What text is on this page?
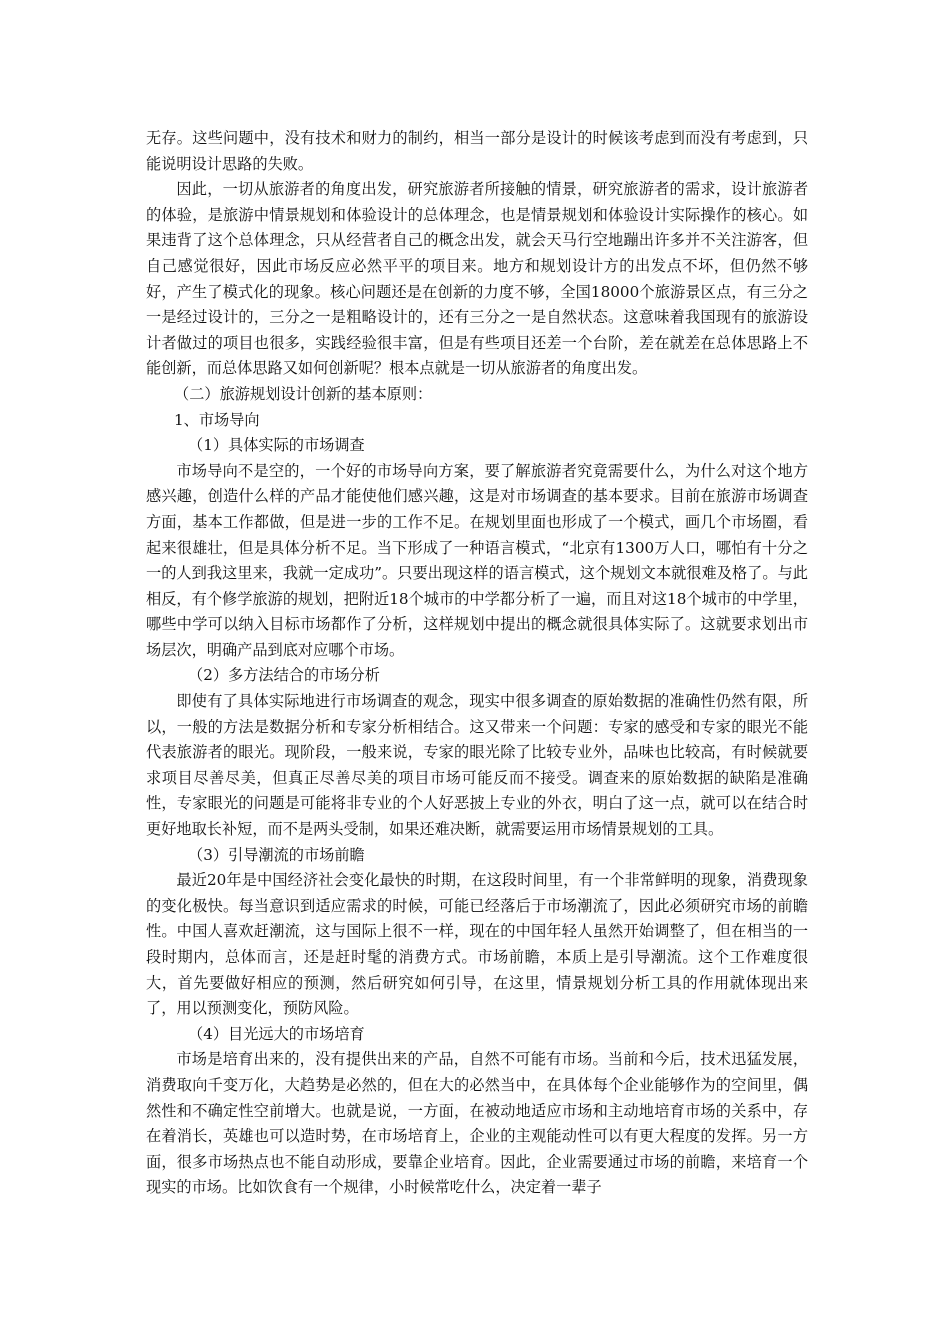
无存。这些问题中，没有技术和财力的制约，相当一部分是设计的时候该考虑到而没有考虑到，只能说明设计思路的失败。

因此，一切从旅游者的角度出发，研究旅游者所接触的情景，研究旅游者的需求，设计旅游者的体验，是旅游中情景规划和体验设计的总体理念，也是情景规划和体验设计实际操作的核心。如果违背了这个总体理念，只从经营者自己的概念出发，就会天马行空地蹦出许多并不关注游客，但自己感觉很好，因此市场反应必然平平的项目来。地方和规划设计方的出发点不坏，但仍然不够好，产生了模式化的现象。核心问题还是在创新的力度不够，全国18000个旅游景区点，有三分之一是经过设计的，三分之一是粗略设计的，还有三分之一是自然状态。这意味着我国现有的旅游设计者做过的项目也很多，实践经验很丰富，但是有些项目还差一个台阶，差在就差在总体思路上不能创新，而总体思路又如何创新呢？根本点就是一切从旅游者的角度出发。

（二）旅游规划设计创新的基本原则：

1、市场导向

（1）具体实际的市场调查

市场导向不是空的，一个好的市场导向方案，要了解旅游者究竟需要什么，为什么对这个地方感兴趣，创造什么样的产品才能使他们感兴趣，这是对市场调查的基本要求。目前在旅游市场调查方面，基本工作都做，但是进一步的工作不足。在规划里面也形成了一个模式，画几个市场圈，看起来很雄壮，但是具体分析不足。当下形成了一种语言模式，“北京有1300万人口，哪怕有十分之一的人到我这里来，我就一定成功”。只要出现这样的语言模式，这个规划文本就很难及格了。与此相反，有个修学旅游的规划，把附近18个城市的中学都分析了一遍，而且对这18个城市的中学里，哪些中学可以纳入目标市场都作了分析，这样规划中提出的概念就很具体实际了。这就要求划出市场层次，明确产品到底对应哪个市场。

（2）多方法结合的市场分析

即使有了具体实际地进行市场调查的观念，现实中很多调查的原始数据的准确性仍然有限，所以，一般的方法是数据分析和专家分析相结合。这又带来一个问题：专家的感受和专家的眼光不能代表旅游者的眼光。现阶段，一般来说，专家的眼光除了比较专业外，品味也比较高，有时候就要求项目尽善尽美，但真正尽善尽美的项目市场可能反而不接受。调查来的原始数据的缺陷是准确性，专家眼光的问题是可能将非专业的个人好恶披上专业的外衣，明白了这一点，就可以在结合时更好地取长补短，而不是两头受制，如果还难决断，就需要运用市场情景规划的工具。

（3）引导潮流的市场前瞻

最近20年是中国经济社会变化最快的时期，在这段时间里，有一个非常鲜明的现象，消费现象的变化极快。每当意识到适应需求的时候，可能已经落后于市场潮流了，因此必须研究市场的前瞻性。中国人喜欢赶潮流，这与国际上很不一样，现在的中国年轻人虽然开始调整了，但在相当的一段时期内，总体而言，还是赶时髦的消费方式。市场前瞻，本质上是引导潮流。这个工作难度很大，首先要做好相应的预测，然后研究如何引导，在这里，情景规划分析工具的作用就体现出来了，用以预测变化，预防风险。

（4）目光远大的市场培育

市场是培育出来的，没有提供出来的产品，自然不可能有市场。当前和今后，技术迅猛发展，消费取向千变万化，大趋势是必然的，但在大的必然当中，在具体每个企业能够作为的空间里，偶然性和不确定性空前增大。也就是说，一方面，在被动地适应市场和主动地培育市场的关系中，存在着消长，英雄也可以造时势，在市场培育上，企业的主观能动性可以有更大程度的发挥。另一方面，很多市场热点也不能自动形成，要靠企业培育。因此，企业需要通过市场的前瞻，来培育一个现实的市场。比如饮食有一个规律，小时候常吃什么，决定着一辈子
